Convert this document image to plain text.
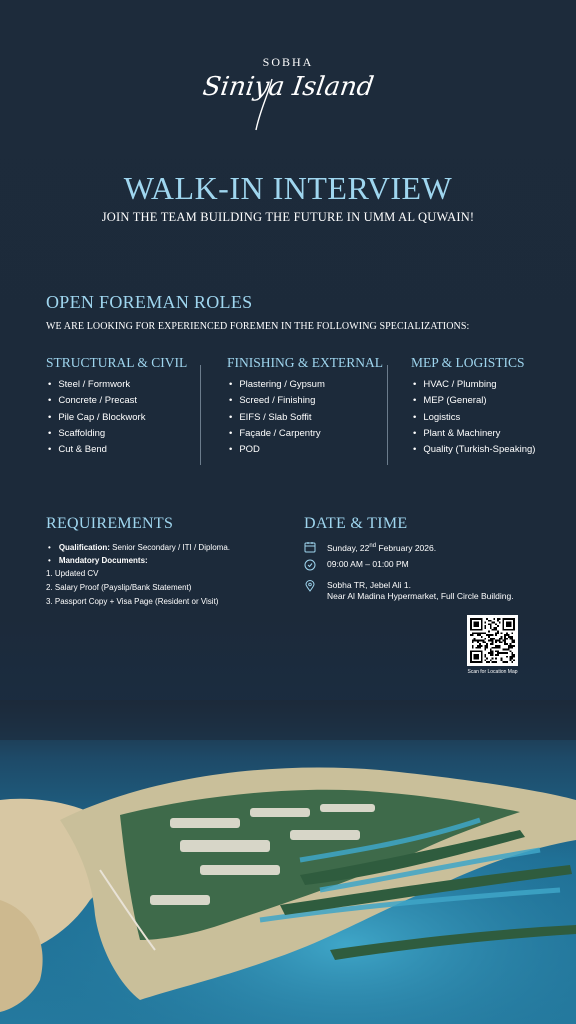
SOBHA
Siniya Island
WALK-IN INTERVIEW
JOIN THE TEAM BUILDING THE FUTURE IN UMM AL QUWAIN!
OPEN FOREMAN ROLES
WE ARE LOOKING FOR EXPERIENCED FOREMEN IN THE FOLLOWING SPECIALIZATIONS:
STRUCTURAL & CIVIL
• Steel / Formwork
• Concrete / Precast
• Pile Cap / Blockwork
• Scaffolding
• Cut & Bend
FINISHING & EXTERNAL
• Plastering / Gypsum
• Screed / Finishing
• EIFS / Slab Soffit
• Façade / Carpentry
• POD
MEP & LOGISTICS
• HVAC / Plumbing
• MEP (General)
• Logistics
• Plant & Machinery
• Quality (Turkish-Speaking)
REQUIREMENTS
• Qualification: Senior Secondary / ITI / Diploma.
• Mandatory Documents:
1. Updated CV
2. Salary Proof (Payslip/Bank Statement)
3. Passport Copy + Visa Page (Resident or Visit)
DATE & TIME
Sunday, 22nd February 2026.
09:00 AM – 01:00 PM
Sobha TR, Jebel Ali 1.
Near Al Madina Hypermarket, Full Circle Building.
Scan for Location Map
